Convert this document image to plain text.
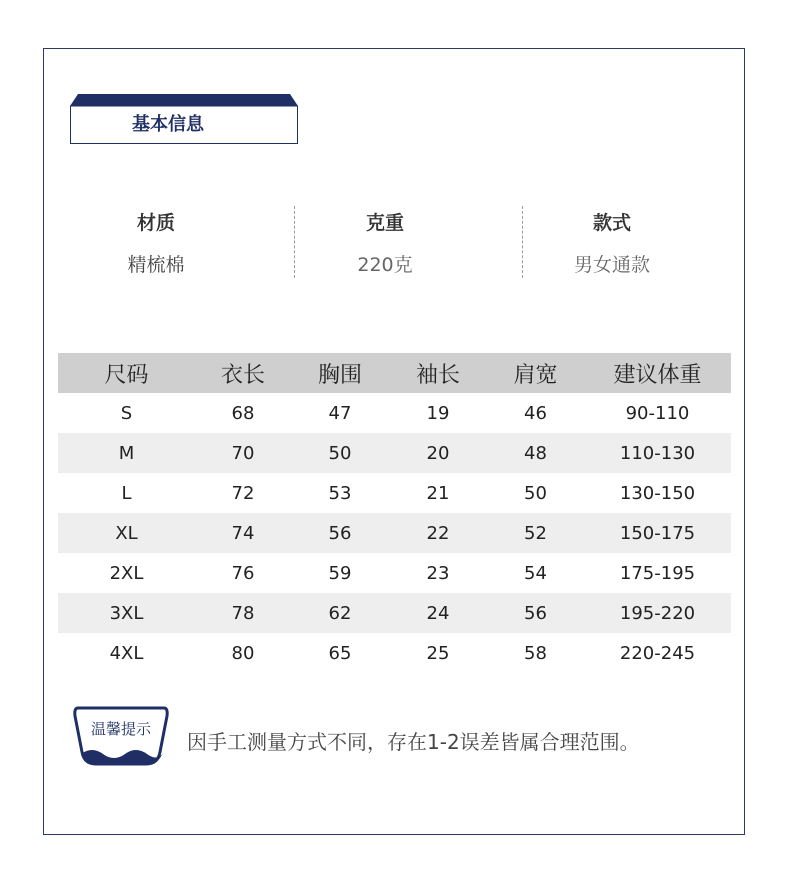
基本信息
材质
精梳棉
克重
220克
款式
男女通款
尺码	衣长	胸围	袖长	肩宽	建议体重
S	68	47	19	46	90-110
M	70	50	20	48	110-130
L	72	53	21	50	130-150
XL	74	56	22	52	150-175
2XL	76	59	23	54	175-195
3XL	78	62	24	56	195-220
4XL	80	65	25	58	220-245
温馨提示
因手工测量方式不同，存在1-2误差皆属合理范围。
